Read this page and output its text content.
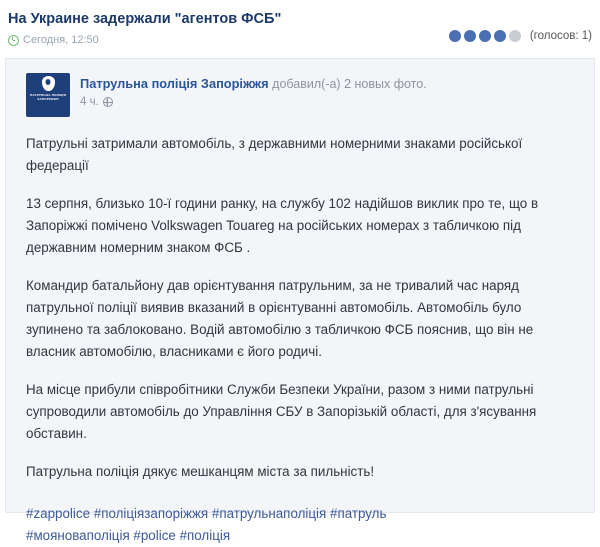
На Украине задержали "агентов ФСБ"
Сегодня, 12:50	(голосов: 1)
ПАТРУЛЬНА ПОЛІЦІЯ ЗАПОРІЖЖЯ
Патрульна поліція Запоріжжя добавил(-а) 2 новых фото.
4 ч.

Патрульні затримали автомобіль, з державними номерними знаками російської федерації

13 серпня, близько 10-ї години ранку, на службу 102 надійшов виклик про те, що в Запоріжжі помічено Volkswagen Touareg на російських номерах з табличкою під державним номерним знаком ФСБ .

Командир батальйону дав орієнтування патрульним, за не тривалий час наряд патрульної поліції виявив вказаний в орієнтуванні автомобіль. Автомобіль було зупинено та заблоковано. Водій автомобілю з табличкою ФСБ пояснив, що він не власник автомобілю, власниками є його родичі.

На місце прибули співробітники Служби Безпеки України, разом з ними патрульні супроводили автомобіль до Управління СБУ в Запорізькій області, для з'ясування обставин.

Патрульна поліція дякує мешканцям міста за пильність!

#zappolice #поліціязапоріжжя #патрульнаполіція #патруль
#мояноваполіція #police #поліція
